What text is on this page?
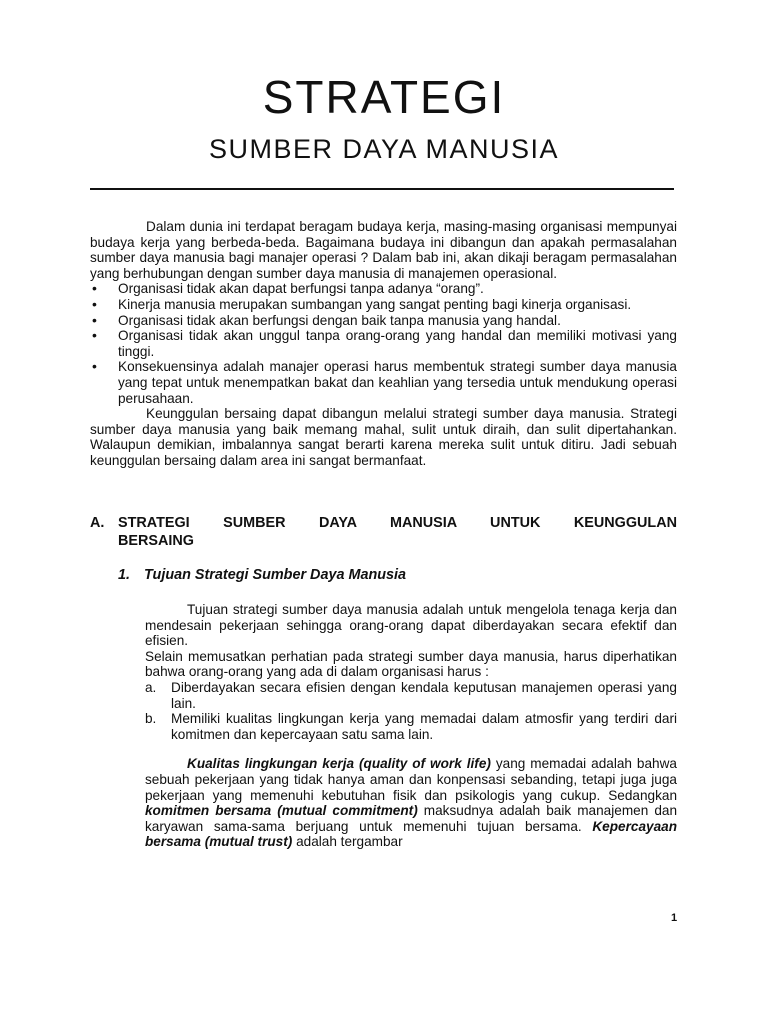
STRATEGI
SUMBER DAYA MANUSIA

Dalam dunia ini terdapat beragam budaya kerja, masing-masing organisasi mempunyai budaya kerja yang berbeda-beda. Bagaimana budaya ini dibangun dan apakah permasalahan sumber daya manusia bagi manajer operasi ? Dalam bab ini, akan dikaji beragam permasalahan yang berhubungan dengan sumber daya manusia di manajemen operasional.

• Organisasi tidak akan dapat berfungsi tanpa adanya “orang”.
• Kinerja manusia merupakan sumbangan yang sangat penting bagi kinerja organisasi.
• Organisasi tidak akan berfungsi dengan baik tanpa manusia yang handal.
• Organisasi tidak akan unggul tanpa orang-orang yang handal dan memiliki motivasi yang tinggi.
• Konsekuensinya adalah manajer operasi harus membentuk strategi sumber daya manusia yang tepat untuk menempatkan bakat dan keahlian yang tersedia untuk mendukung operasi perusahaan.

Keunggulan bersaing dapat dibangun melalui strategi sumber daya manusia. Strategi sumber daya manusia yang baik memang mahal, sulit untuk diraih, dan sulit dipertahankan. Walaupun demikian, imbalannya sangat berarti karena mereka sulit untuk ditiru. Jadi sebuah keunggulan bersaing dalam area ini sangat bermanfaat.

A. STRATEGI SUMBER DAYA MANUSIA UNTUK KEUNGGULAN
BERSAING
1. Tujuan Strategi Sumber Daya Manusia

Tujuan strategi sumber daya manusia adalah untuk mengelola tenaga kerja dan mendesain pekerjaan sehingga orang-orang dapat diberdayakan secara efektif dan efisien.

Selain memusatkan perhatian pada strategi sumber daya manusia, harus diperhatikan bahwa orang-orang yang ada di dalam organisasi harus :

a. Diberdayakan secara efisien dengan kendala keputusan manajemen operasi yang lain.
b. Memiliki kualitas lingkungan kerja yang memadai dalam atmosfir yang terdiri dari komitmen dan kepercayaan satu sama lain.

Kualitas lingkungan kerja (quality of work life) yang memadai adalah bahwa sebuah pekerjaan yang tidak hanya aman dan konpensasi sebanding, tetapi juga juga pekerjaan yang memenuhi kebutuhan fisik dan psikologis yang cukup. Sedangkan komitmen bersama (mutual commitment) maksudnya adalah baik manajemen dan karyawan sama-sama berjuang untuk memenuhi tujuan bersama. Kepercayaan bersama (mutual trust) adalah tergambar

1
